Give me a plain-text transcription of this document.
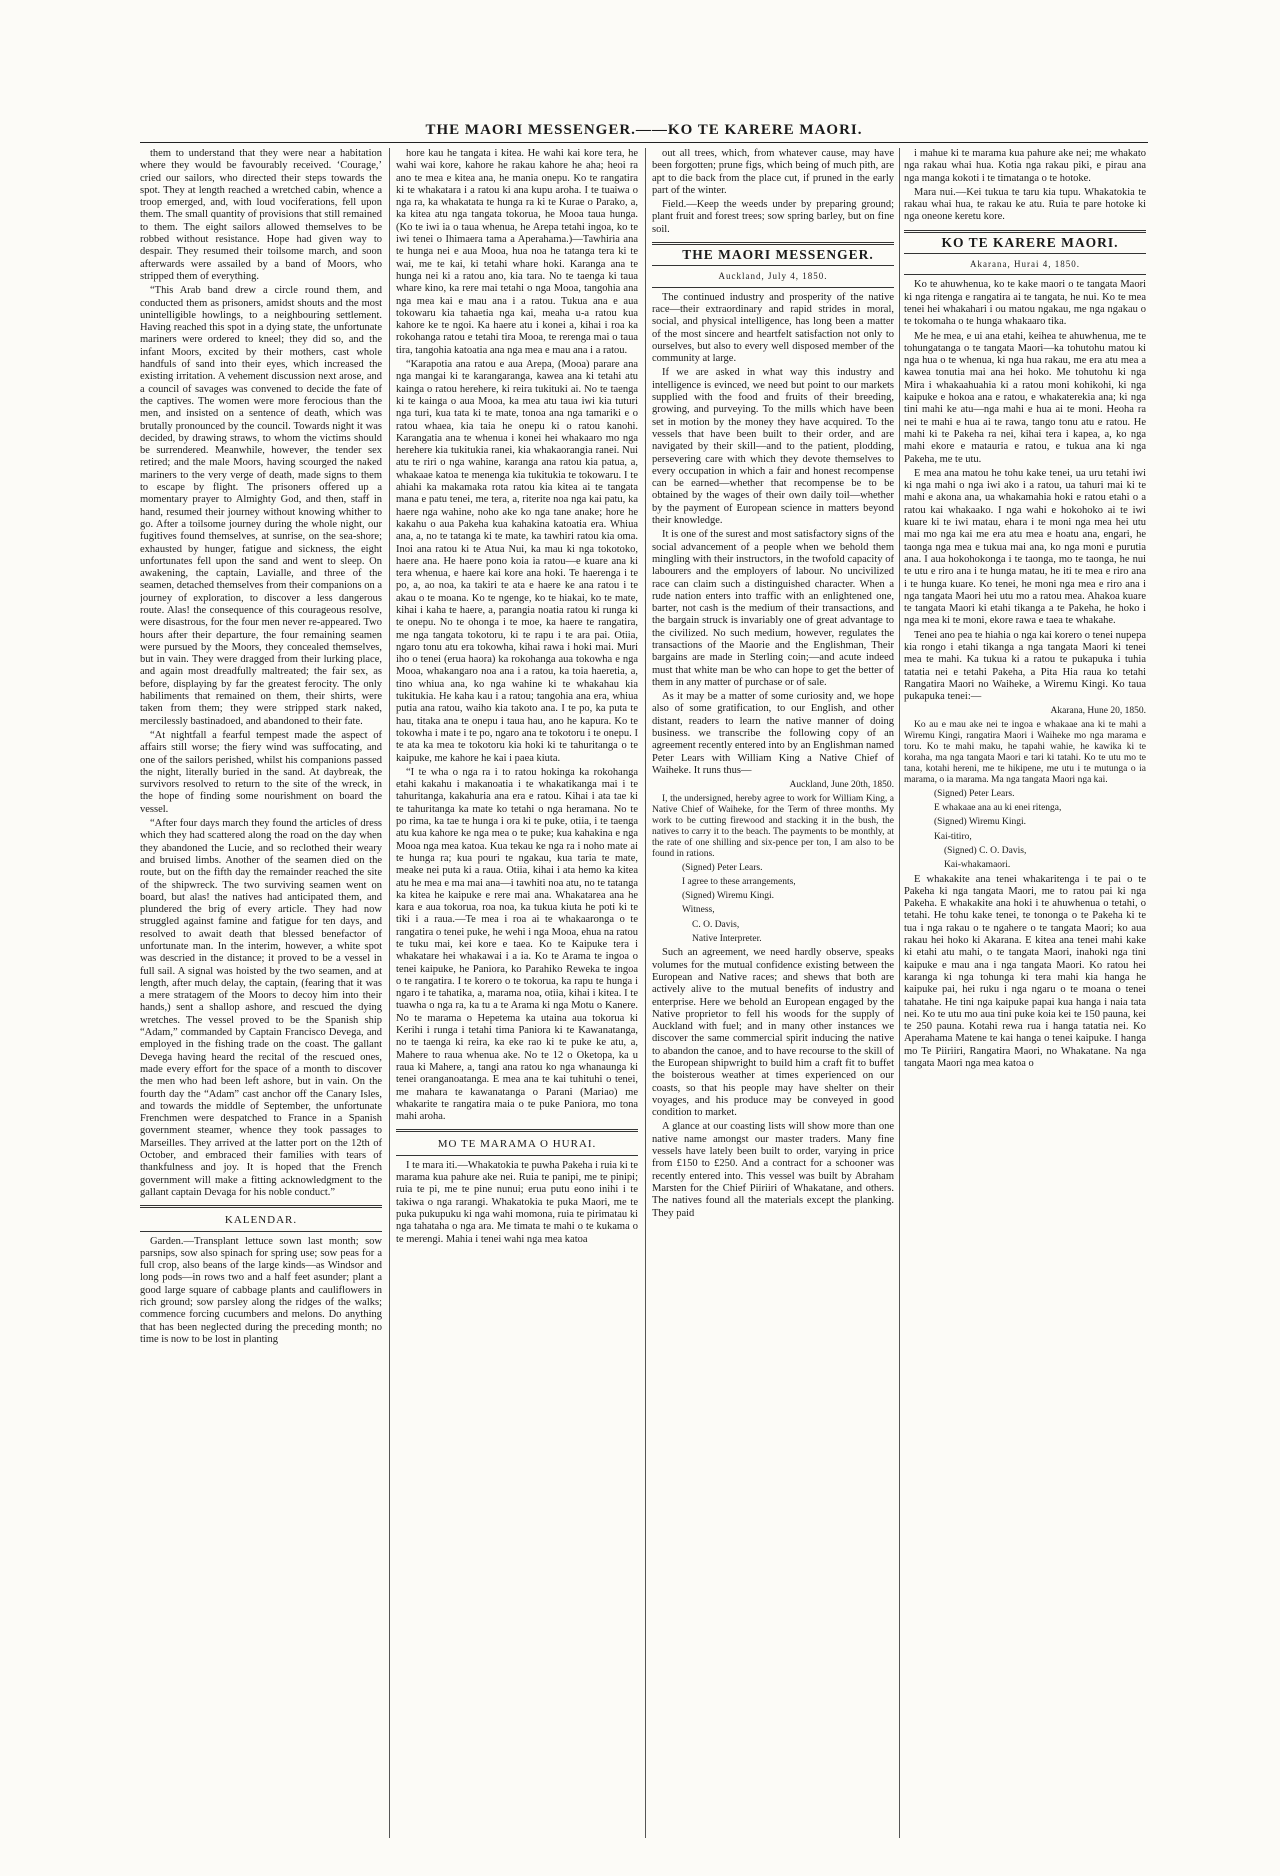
THE MAORI MESSENGER.——KO TE KARERE MAORI.

them to understand that they were near a habitation where they would be favourably received. ‘Courage,’ cried our sailors, who directed their steps towards the spot. They at length reached a wretched cabin, whence a troop emerged, and, with loud vociferations, fell upon them. The small quantity of provisions that still remained to them. The eight sailors allowed themselves to be robbed without resistance. Hope had given way to despair. They resumed their toilsome march, and soon afterwards were assailed by a band of Moors, who stripped them of everything.

“This Arab band drew a circle round them, and conducted them as prisoners, amidst shouts and the most unintelligible howlings, to a neighbouring settlement. Having reached this spot in a dying state, the unfortunate mariners were ordered to kneel; they did so, and the infant Moors, excited by their mothers, cast whole handfuls of sand into their eyes, which increased the existing irritation. A vehement discussion next arose, and a council of savages was convened to decide the fate of the captives. The women were more ferocious than the men, and insisted on a sentence of death, which was brutally pronounced by the council. Towards night it was decided, by drawing straws, to whom the victims should be surrendered. Meanwhile, however, the tender sex retired; and the male Moors, having scourged the naked mariners to the very verge of death, made signs to them to escape by flight. The prisoners offered up a momentary prayer to Almighty God, and then, staff in hand, resumed their journey without knowing whither to go. After a toilsome journey during the whole night, our fugitives found themselves, at sunrise, on the sea-shore; exhausted by hunger, fatigue and sickness, the eight unfortunates fell upon the sand and went to sleep. On awakening, the captain, Lavialle, and three of the seamen, detached themselves from their companions on a journey of exploration, to discover a less dangerous route. Alas! the consequence of this courageous resolve, were disastrous, for the four men never re-appeared. Two hours after their departure, the four remaining seamen were pursued by the Moors, they concealed themselves, but in vain. They were dragged from their lurking place, and again most dreadfully maltreated; the fair sex, as before, displaying by far the greatest ferocity. The only habiliments that remained on them, their shirts, were taken from them; they were stripped stark naked, mercilessly bastinadoed, and abandoned to their fate.

“At nightfall a fearful tempest made the aspect of affairs still worse; the fiery wind was suffocating, and one of the sailors perished, whilst his companions passed the night, literally buried in the sand. At daybreak, the survivors resolved to return to the site of the wreck, in the hope of finding some nourishment on board the vessel.

“After four days march they found the articles of dress which they had scattered along the road on the day when they abandoned the Lucie, and so reclothed their weary and bruised limbs. Another of the seamen died on the route, but on the fifth day the remainder reached the site of the shipwreck. The two surviving seamen went on board, but alas! the natives had anticipated them, and plundered the brig of every article. They had now struggled against famine and fatigue for ten days, and resolved to await death that blessed benefactor of unfortunate man. In the interim, however, a white spot was descried in the distance; it proved to be a vessel in full sail. A signal was hoisted by the two seamen, and at length, after much delay, the captain, (fearing that it was a mere stratagem of the Moors to decoy him into their hands,) sent a shallop ashore, and rescued the dying wretches. The vessel proved to be the Spanish ship “Adam,” commanded by Captain Francisco Devega, and employed in the fishing trade on the coast. The gallant Devega having heard the recital of the rescued ones, made every effort for the space of a month to discover the men who had been left ashore, but in vain. On the fourth day the “Adam” cast anchor off the Canary Isles, and towards the middle of September, the unfortunate Frenchmen were despatched to France in a Spanish government steamer, whence they took passages to Marseilles. They arrived at the latter port on the 12th of October, and embraced their families with tears of thankfulness and joy. It is hoped that the French government will make a fitting acknowledgment to the gallant captain Devaga for his noble conduct.”

KALENDAR.

Garden.—Transplant lettuce sown last month; sow parsnips, sow also spinach for spring use; sow peas for a full crop, also beans of the large kinds—as Windsor and long pods—in rows two and a half feet asunder; plant a good large square of cabbage plants and cauliflowers in rich ground; sow parsley along the ridges of the walks; commence forcing cucumbers and melons. Do anything that has been neglected during the preceding month; no time is now to be lost in planting

hore kau he tangata i kitea. He wahi kai kore tera, he wahi wai kore, kahore he rakau kahore he aha; heoi ra ano te mea e kitea ana, he mania onepu. Ko te rangatira ki te whakatara i a ratou ki ana kupu aroha. I te tuaiwa o nga ra, ka whakatata te hunga ra ki te Kurae o Parako, a, ka kitea atu nga tangata tokorua, he Mooa taua hunga. (Ko te iwi ia o taua whenua, he Arepa tetahi ingoa, ko te iwi tenei o Ihimaera tama a Aperahama.)—Tawhiria ana te hunga nei e aua Mooa, hua noa he tatanga tera ki te wai, me te kai, ki tetahi whare hoki. Karanga ana te hunga nei ki a ratou ano, kia tara. No te taenga ki taua whare kino, ka rere mai tetahi o nga Mooa, tangohia ana nga mea kai e mau ana i a ratou. Tukua ana e aua tokowaru kia tahaetia nga kai, meaha u-a ratou kua kahore ke te ngoi. Ka haere atu i konei a, kihai i roa ka rokohanga ratou e tetahi tira Mooa, te rerenga mai o taua tira, tangohia katoatia ana nga mea e mau ana i a ratou.

“Karapotia ana ratou e aua Arepa, (Mooa) parare ana nga mangai ki te karangaranga, kawea ana ki tetahi atu kainga o ratou herehere, ki reira tukituki ai. No te taenga ki te kainga o aua Mooa, ka mea atu taua iwi kia tuturi nga turi, kua tata ki te mate, tonoa ana nga tamariki e o ratou whaea, kia taia he onepu ki o ratou kanohi. Karangatia ana te whenua i konei hei whakaaro mo nga herehere kia tukitukia ranei, kia whakaorangia ranei. Nui atu te riri o nga wahine, karanga ana ratou kia patua, a, whakaae katoa te menenga kia tukitukia te tokowaru. I te ahiahi ka makamaka rota ratou kia kitea ai te tangata mana e patu tenei, me tera, a, riterite noa nga kai patu, ka haere nga wahine, noho ake ko nga tane anake; hore he kakahu o aua Pakeha kua kahakina katoatia era. Whiua ana, a, no te tatanga ki te mate, ka tawhiri ratou kia oma. Inoi ana ratou ki te Atua Nui, ka mau ki nga tokotoko, haere ana. He haere pono koia ia ratou—e kuare ana ki tera whenua, e haere kai kore ana hoki. Te haerenga i te po, a, ao noa, ka takiri te ata e haere ke ana ratou i te akau o te moana. Ko te ngenge, ko te hiakai, ko te mate, kihai i kaha te haere, a, parangia noatia ratou ki runga ki te onepu. No te ohonga i te moe, ka haere te rangatira, me nga tangata tokotoru, ki te rapu i te ara pai. Otiia, ngaro tonu atu era tokowha, kihai rawa i hoki mai. Muri iho o tenei (erua haora) ka rokohanga aua tokowha e nga Mooa, whakangaro noa ana i a ratou, ka toia haeretia, a, tino whiua ana, ko nga wahine ki te whakahau kia tukitukia. He kaha kau i a ratou; tangohia ana era, whiua putia ana ratou, waiho kia takoto ana. I te po, ka puta te hau, titaka ana te onepu i taua hau, ano he kapura. Ko te tokowha i mate i te po, ngaro ana te tokotoru i te onepu. I te ata ka mea te tokotoru kia hoki ki te tahuritanga o te kaipuke, me kahore he kai i paea kiuta.

“I te wha o nga ra i to ratou hokinga ka rokohanga etahi kakahu i makanoatia i te whakatikanga mai i te tahuritanga, kakahuria ana era e ratou. Kihai i ata tae ki te tahuritanga ka mate ko tetahi o nga heramana. No te po rima, ka tae te hunga i ora ki te puke, otiia, i te taenga atu kua kahore ke nga mea o te puke; kua kahakina e nga Mooa nga mea katoa. Kua tekau ke nga ra i noho mate ai te hunga ra; kua pouri te ngakau, kua taria te mate, meake nei puta ki a raua. Otiia, kihai i ata hemo ka kitea atu he mea e ma mai ana—i tawhiti noa atu, no te tatanga ka kitea he kaipuke e rere mai ana. Whakatarea ana he kara e aua tokorua, roa noa, ka tukua kiuta he poti ki te tiki i a raua.—Te mea i roa ai te whakaaronga o te rangatira o tenei puke, he wehi i nga Mooa, ehua na ratou te tuku mai, kei kore e taea. Ko te Kaipuke tera i whakatare hei whakawai i a ia. Ko te Arama te ingoa o tenei kaipuke, he Paniora, ko Parahiko Reweka te ingoa o te rangatira. I te korero o te tokorua, ka rapu te hunga i ngaro i te tahatika, a, marama noa, otiia, kihai i kitea. I te tuawha o nga ra, ka tu a te Arama ki nga Motu o Kanere. No te marama o Hepetema ka utaina aua tokorua ki Kerihi i runga i tetahi tima Paniora ki te Kawanatanga, no te taenga ki reira, ka eke rao ki te puke ke atu, a, Mahere to raua whenua ake. No te 12 o Oketopa, ka u raua ki Mahere, a, tangi ana ratou ko nga whanaunga ki tenei oranganoatanga. E mea ana te kai tuhituhi o tenei, me mahara te kawanatanga o Parani (Mariao) me whakarite te rangatira maia o te puke Paniora, mo tona mahi aroha.

MO TE MARAMA O HURAI.

I te mara iti.—Whakatokia te puwha Pakeha i ruia ki te marama kua pahure ake nei. Ruia te panipi, me te pinipi; ruia te pi, me te pine nunui; erua putu eono inihi i te takiwa o nga rarangi. Whakatokia te puka Maori, me te puka pukupuku ki nga wahi momona, ruia te pirimatau ki nga tahataha o nga ara. Me timata te mahi o te kukama o te merengi. Mahia i tenei wahi nga mea katoa

out all trees, which, from whatever cause, may have been forgotten; prune figs, which being of much pith, are apt to die back from the place cut, if pruned in the early part of the winter.

Field.—Keep the weeds under by preparing ground; plant fruit and forest trees; sow spring barley, but on fine soil.

THE MAORI MESSENGER.

Auckland, July 4, 1850.

The continued industry and prosperity of the native race—their extraordinary and rapid strides in moral, social, and physical intelligence, has long been a matter of the most sincere and heartfelt satisfaction not only to ourselves, but also to every well disposed member of the community at large.

If we are asked in what way this industry and intelligence is evinced, we need but point to our markets supplied with the food and fruits of their breeding, growing, and purveying. To the mills which have been set in motion by the money they have acquired. To the vessels that have been built to their order, and are navigated by their skill—and to the patient, plodding, persevering care with which they devote themselves to every occupation in which a fair and honest recompense can be earned—whether that recompense be to be obtained by the wages of their own daily toil—whether by the payment of European science in matters beyond their knowledge.

It is one of the surest and most satisfactory signs of the social advancement of a people when we behold them mingling with their instructors, in the twofold capacity of labourers and the employers of labour. No uncivilized race can claim such a distinguished character. When a rude nation enters into traffic with an enlightened one, barter, not cash is the medium of their transactions, and the bargain struck is invariably one of great advantage to the civilized. No such medium, however, regulates the transactions of the Maorie and the Englishman, Their bargains are made in Sterling coin;—and acute indeed must that white man be who can hope to get the better of them in any matter of purchase or of sale.

As it may be a matter of some curiosity and, we hope also of some gratification, to our English, and other distant, readers to learn the native manner of doing business. we transcribe the following copy of an agreement recently entered into by an Englishman named Peter Lears with William King a Native Chief of Waiheke. It runs thus—

Auckland, June 20th, 1850.

I, the undersigned, hereby agree to work for William King, a Native Chief of Waiheke, for the Term of three months. My work to be cutting firewood and stacking it in the bush, the natives to carry it to the beach. The payments to be monthly, at the rate of one shilling and six-pence per ton, I am also to be found in rations.

(Signed) Peter Lears.

I agree to these arrangements,

(Signed) Wiremu Kingi.

Witness,

C. O. Davis,

Native Interpreter.

Such an agreement, we need hardly observe, speaks volumes for the mutual confidence existing between the European and Native races; and shews that both are actively alive to the mutual benefits of industry and enterprise. Here we behold an European engaged by the Native proprietor to fell his woods for the supply of Auckland with fuel; and in many other instances we discover the same commercial spirit inducing the native to abandon the canoe, and to have recourse to the skill of the European shipwright to build him a craft fit to buffet the boisterous weather at times experienced on our coasts, so that his people may have shelter on their voyages, and his produce may be conveyed in good condition to market.

A glance at our coasting lists will show more than one native name amongst our master traders. Many fine vessels have lately been built to order, varying in price from £150 to £250. And a contract for a schooner was recently entered into. This vessel was built by Abraham Marsten for the Chief Piiriiri of Whakatane, and others. The natives found all the materials except the planking. They paid

i mahue ki te marama kua pahure ake nei; me whakato nga rakau whai hua. Kotia nga rakau piki, e pirau ana nga manga kokoti i te timatanga o te hotoke.

Mara nui.—Kei tukua te taru kia tupu. Whakatokia te rakau whai hua, te rakau ke atu. Ruia te pare hotoke ki nga oneone keretu kore.

KO TE KARERE MAORI.

Akarana, Hurai 4, 1850.

Ko te ahuwhenua, ko te kake maori o te tangata Maori ki nga ritenga e rangatira ai te tangata, he nui. Ko te mea tenei hei whakahari i ou matou ngakau, me nga ngakau o te tokomaha o te hunga whakaaro tika.

Me he mea, e ui ana etahi, keihea te ahuwhenua, me te tohungatanga o te tangata Maori—ka tohutohu matou ki nga hua o te whenua, ki nga hua rakau, me era atu mea a kawea tonutia mai ana hei hoko. Me tohutohu ki nga Mira i whakaahuahia ki a ratou moni kohikohi, ki nga kaipuke e hokoa ana e ratou, e whakaterekia ana; ki nga tini mahi ke atu—nga mahi e hua ai te moni. Heoha ra nei te mahi e hua ai te rawa, tango tonu atu e ratou. He mahi ki te Pakeha ra nei, kihai tera i kapea, a, ko nga mahi ekore e matauria e ratou, e tukua ana ki nga Pakeha, me te utu.

E mea ana matou he tohu kake tenei, ua uru tetahi iwi ki nga mahi o nga iwi ako i a ratou, ua tahuri mai ki te mahi e akona ana, ua whakamahia hoki e ratou etahi o a ratou kai whakaako. I nga wahi e hokohoko ai te iwi kuare ki te iwi matau, ehara i te moni nga mea hei utu mai mo nga kai me era atu mea e hoatu ana, engari, he taonga nga mea e tukua mai ana, ko nga moni e purutia ana. I aua hokohokonga i te taonga, mo te taonga, he nui te utu e riro ana i te hunga matau, he iti te mea e riro ana i te hunga kuare. Ko tenei, he moni nga mea e riro ana i nga tangata Maori hei utu mo a ratou mea. Ahakoa kuare te tangata Maori ki etahi tikanga a te Pakeha, he hoko i nga mea ki te moni, ekore rawa e taea te whakahe.

Tenei ano pea te hiahia o nga kai korero o tenei nupepa kia rongo i etahi tikanga a nga tangata Maori ki tenei mea te mahi. Ka tukua ki a ratou te pukapuka i tuhia tatatia nei e tetahi Pakeha, a Pita Hia raua ko tetahi Rangatira Maori no Waiheke, a Wiremu Kingi. Ko taua pukapuka tenei:—

Akarana, Hune 20, 1850.

Ko au e mau ake nei te ingoa e whakaae ana ki te mahi a Wiremu Kingi, rangatira Maori i Waiheke mo nga marama e toru. Ko te mahi maku, he tapahi wahie, he kawika ki te koraha, ma nga tangata Maori e tari ki tatahi. Ko te utu mo te tana, kotahi hereni, me te hikipene, me utu i te mutunga o ia marama, o ia marama. Ma nga tangata Maori nga kai.

(Signed) Peter Lears.

E whakaae ana au ki enei ritenga,

(Signed) Wiremu Kingi.

Kai-titiro,

(Signed) C. O. Davis,

Kai-whakamaori.

E whakakite ana tenei whakaritenga i te pai o te Pakeha ki nga tangata Maori, me to ratou pai ki nga Pakeha. E whakakite ana hoki i te ahuwhenua o tetahi, o tetahi. He tohu kake tenei, te tononga o te Pakeha ki te tua i nga rakau o te ngahere o te tangata Maori; ko aua rakau hei hoko ki Akarana. E kitea ana tenei mahi kake ki etahi atu mahi, o te tangata Maori, inahoki nga tini kaipuke e mau ana i nga tangata Maori. Ko ratou hei karanga ki nga tohunga ki tera mahi kia hanga he kaipuke pai, hei ruku i nga ngaru o te moana o tenei tahatahe. He tini nga kaipuke papai kua hanga i naia tata nei. Ko te utu mo aua tini puke koia kei te 150 pauna, kei te 250 pauna. Kotahi rewa rua i hanga tatatia nei. Ko Aperahama Matene te kai hanga o tenei kaipuke. I hanga mo Te Piiriiri, Rangatira Maori, no Whakatane. Na nga tangata Maori nga mea katoa o
